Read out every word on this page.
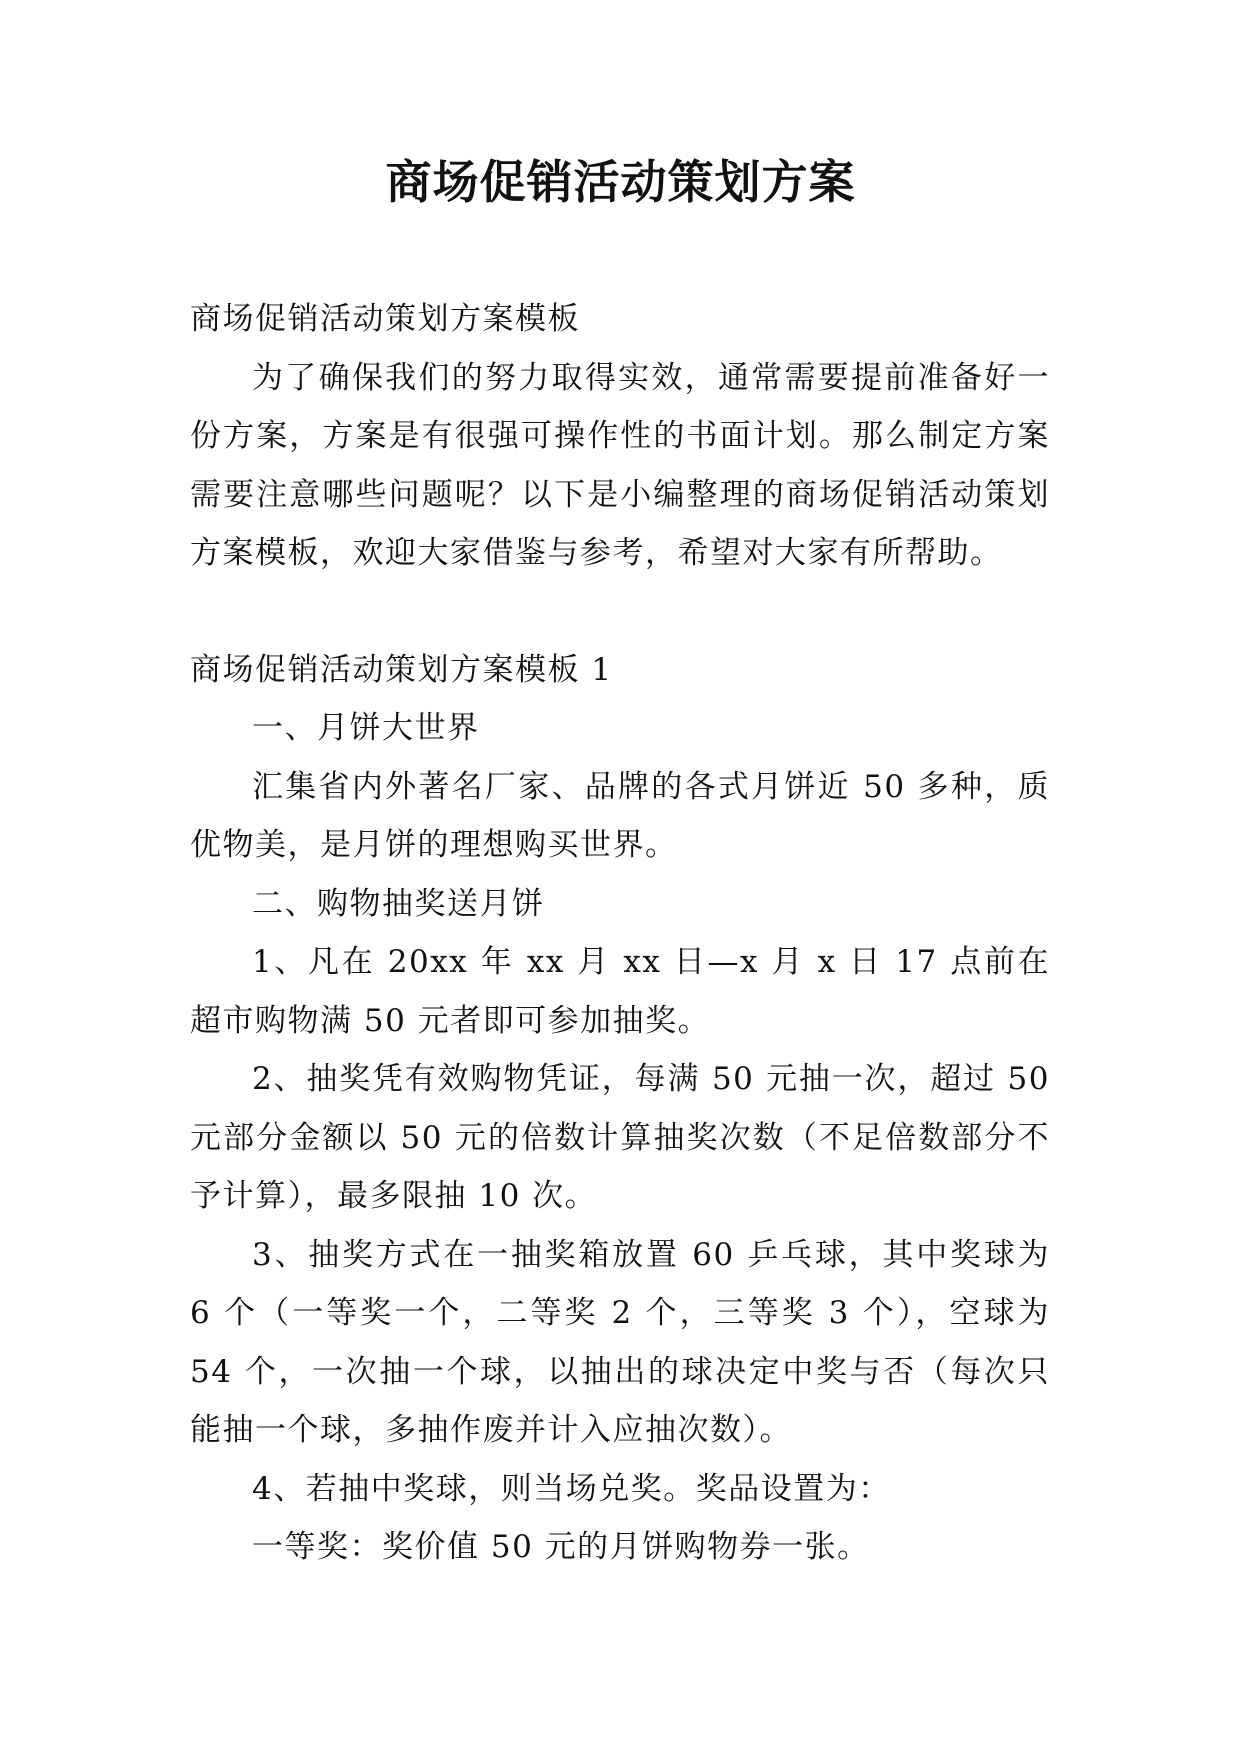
商场促销活动策划方案

商场促销活动策划方案模板

为了确保我们的努力取得实效，通常需要提前准备好一份方案，方案是有很强可操作性的书面计划。那么制定方案需要注意哪些问题呢？以下是小编整理的商场促销活动策划方案模板，欢迎大家借鉴与参考，希望对大家有所帮助。

商场促销活动策划方案模板 1

一、月饼大世界

汇集省内外著名厂家、品牌的各式月饼近 50 多种，质优物美，是月饼的理想购买世界。

二、购物抽奖送月饼

1、凡在 20xx 年 xx 月 xx 日—x 月 x 日 17 点前在超市购物满 50 元者即可参加抽奖。

2、抽奖凭有效购物凭证，每满 50 元抽一次，超过 50 元部分金额以 50 元的倍数计算抽奖次数（不足倍数部分不予计算），最多限抽 10 次。

3、抽奖方式在一抽奖箱放置 60 乒乓球，其中奖球为 6 个（一等奖一个，二等奖 2 个，三等奖 3 个），空球为 54 个，一次抽一个球，以抽出的球决定中奖与否（每次只能抽一个球，多抽作废并计入应抽次数）。

4、若抽中奖球，则当场兑奖。奖品设置为：

一等奖：奖价值 50 元的月饼购物券一张。
